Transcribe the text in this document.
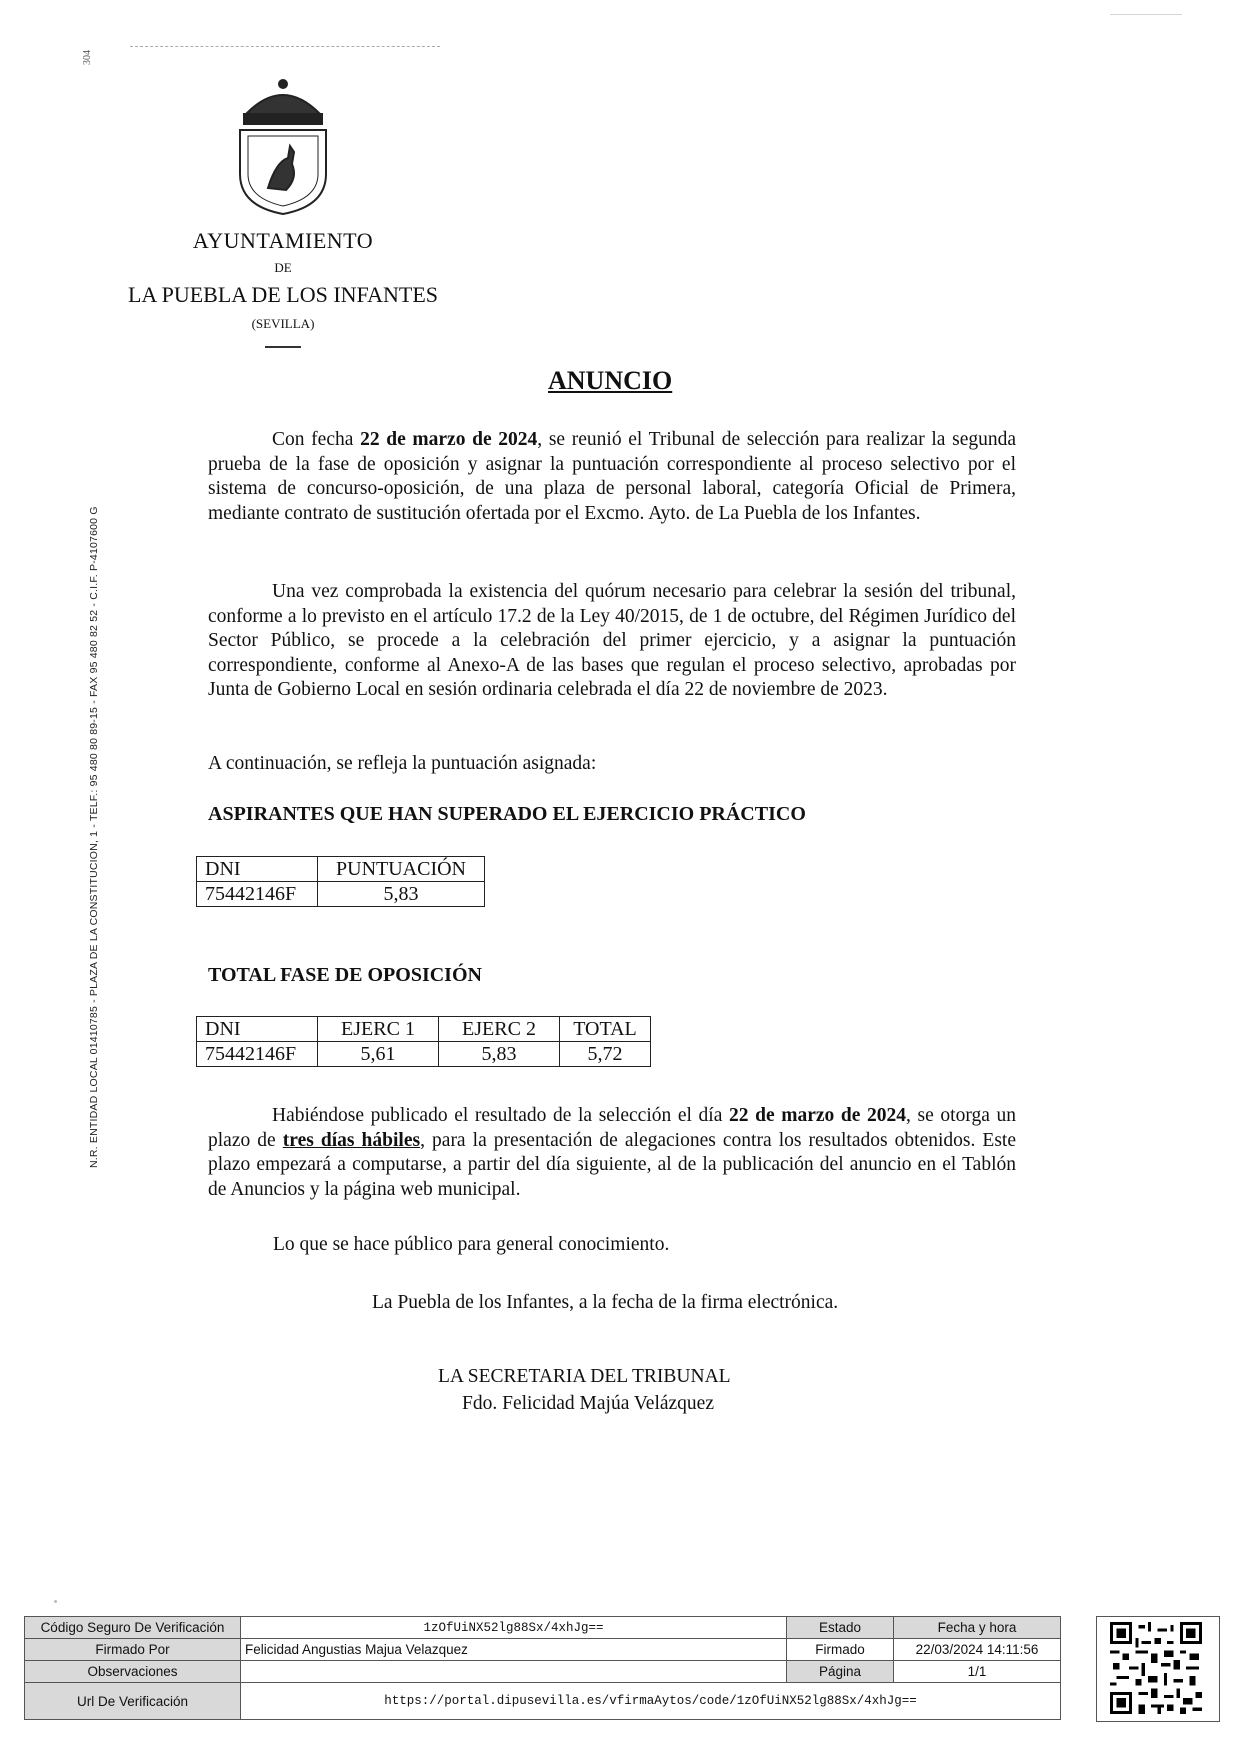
304
AYUNTAMIENTO
DE
LA PUEBLA DE LOS INFANTES
(SEVILLA)
N.R. ENTIDAD LOCAL 01410785 - PLAZA DE LA CONSTITUCION, 1 - TELF.: 95 480 80 89-15 - FAX 95 480 82 52 - C.I.F. P-4107600 G
ANUNCIO
Con fecha 22 de marzo de 2024, se reunió el Tribunal de selección para realizar la segunda prueba de la fase de oposición y asignar la puntuación correspondiente al proceso selectivo por el sistema de concurso-oposición, de una plaza de personal laboral, categoría Oficial de Primera, mediante contrato de sustitución ofertada por el Excmo. Ayto. de La Puebla de los Infantes.
Una vez comprobada la existencia del quórum necesario para celebrar la sesión del tribunal, conforme a lo previsto en el artículo 17.2 de la Ley 40/2015, de 1 de octubre, del Régimen Jurídico del Sector Público, se procede a la celebración del primer ejercicio, y a asignar la puntuación correspondiente, conforme al Anexo-A de las bases que regulan el proceso selectivo, aprobadas por Junta de Gobierno Local en sesión ordinaria celebrada el día 22 de noviembre de 2023.
A continuación, se refleja la puntuación asignada:
ASPIRANTES QUE HAN SUPERADO EL EJERCICIO PRÁCTICO
DNI	PUNTUACIÓN
75442146F	5,83
TOTAL FASE DE OPOSICIÓN
DNI	EJERC 1	EJERC 2	TOTAL
75442146F	5,61	5,83	5,72
Habiéndose publicado el resultado de la selección el día 22 de marzo de 2024, se otorga un plazo de tres días hábiles, para la presentación de alegaciones contra los resultados obtenidos. Este plazo empezará a computarse, a partir del día siguiente, al de la publicación del anuncio en el Tablón de Anuncios y la página web municipal.
Lo que se hace público para general conocimiento.
La Puebla de los Infantes, a la fecha de la firma electrónica.
LA SECRETARIA DEL TRIBUNAL
Fdo. Felicidad Majúa Velázquez
Código Seguro De Verificación	1zOfUiNX52lg88Sx/4xhJg==	Estado	Fecha y hora
Firmado Por	Felicidad Angustias Majua Velazquez	Firmado	22/03/2024 14:11:56
Observaciones		Página	1/1
Url De Verificación	https://portal.dipusevilla.es/vfirmaAytos/code/1zOfUiNX52lg88Sx/4xhJg==		
